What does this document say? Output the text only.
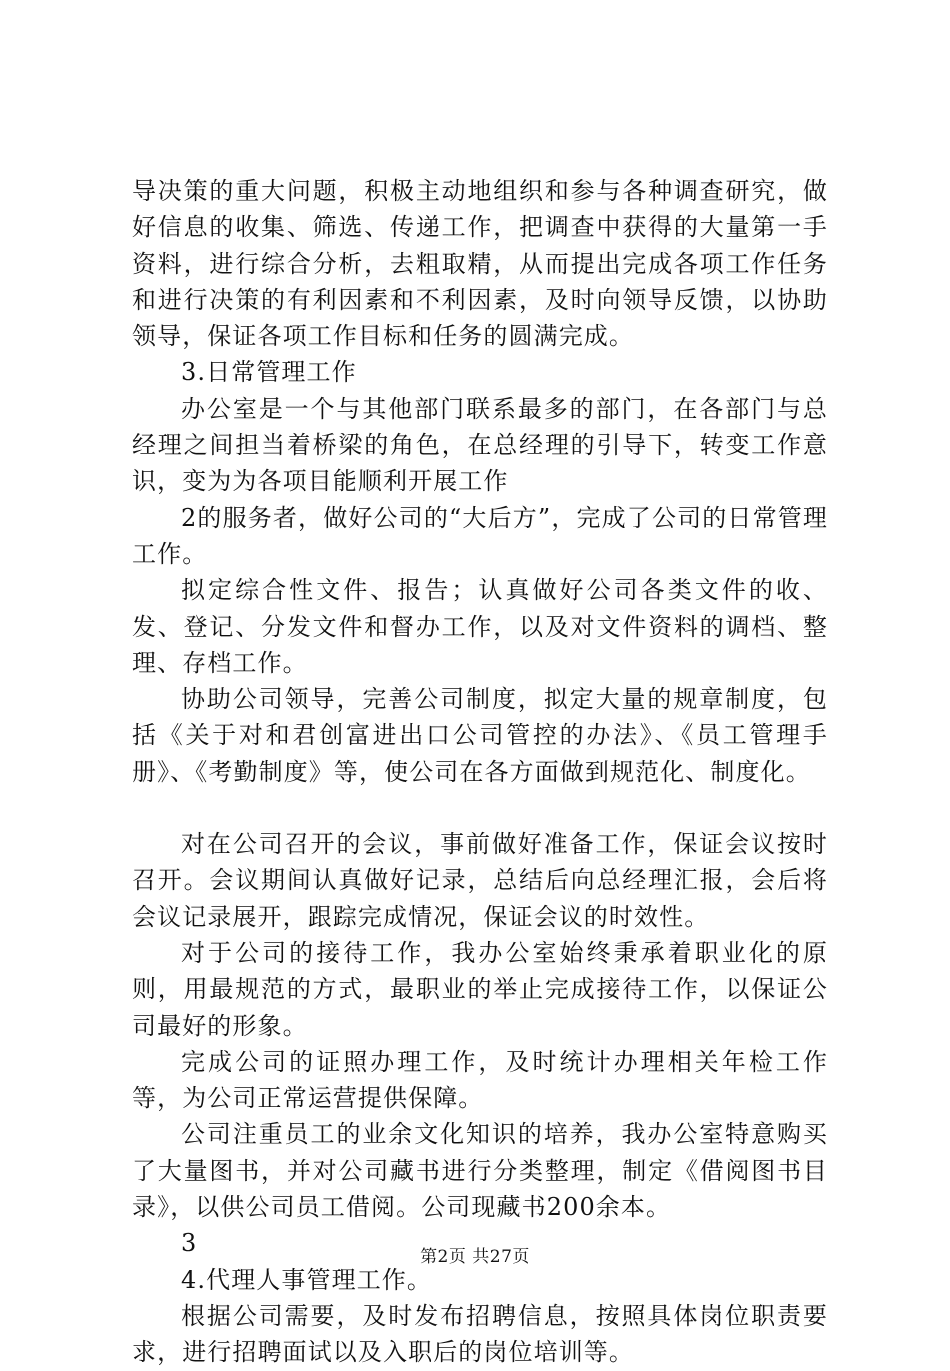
导决策的重大问题，积极主动地组织和参与各种调查研究，做好信息的收集、筛选、传递工作，把调查中获得的大量第一手资料，进行综合分析，去粗取精，从而提出完成各项工作任务和进行决策的有利因素和不利因素，及时向领导反馈，以协助领导，保证各项工作目标和任务的圆满完成。

3.日常管理工作

办公室是一个与其他部门联系最多的部门，在各部门与总经理之间担当着桥梁的角色，在总经理的引导下，转变工作意识，变为为各项目能顺利开展工作

2的服务者，做好公司的“大后方”，完成了公司的日常管理工作。

拟定综合性文件、报告；认真做好公司各类文件的收、发、登记、分发文件和督办工作，以及对文件资料的调档、整理、存档工作。

协助公司领导，完善公司制度，拟定大量的规章制度，包括《关于对和君创富进出口公司管控的办法》、《员工管理手册》、《考勤制度》等，使公司在各方面做到规范化、制度化。

对在公司召开的会议，事前做好准备工作，保证会议按时召开。会议期间认真做好记录，总结后向总经理汇报，会后将会议记录展开，跟踪完成情况，保证会议的时效性。

对于公司的接待工作，我办公室始终秉承着职业化的原则，用最规范的方式，最职业的举止完成接待工作，以保证公司最好的形象。

完成公司的证照办理工作，及时统计办理相关年检工作等，为公司正常运营提供保障。

公司注重员工的业余文化知识的培养，我办公室特意购买了大量图书，并对公司藏书进行分类整理，制定《借阅图书目录》，以供公司员工借阅。公司现藏书200余本。

3

4.代理人事管理工作。

根据公司需要，及时发布招聘信息，按照具体岗位职责要求，进行招聘面试以及入职后的岗位培训等。

第2页 共27页
